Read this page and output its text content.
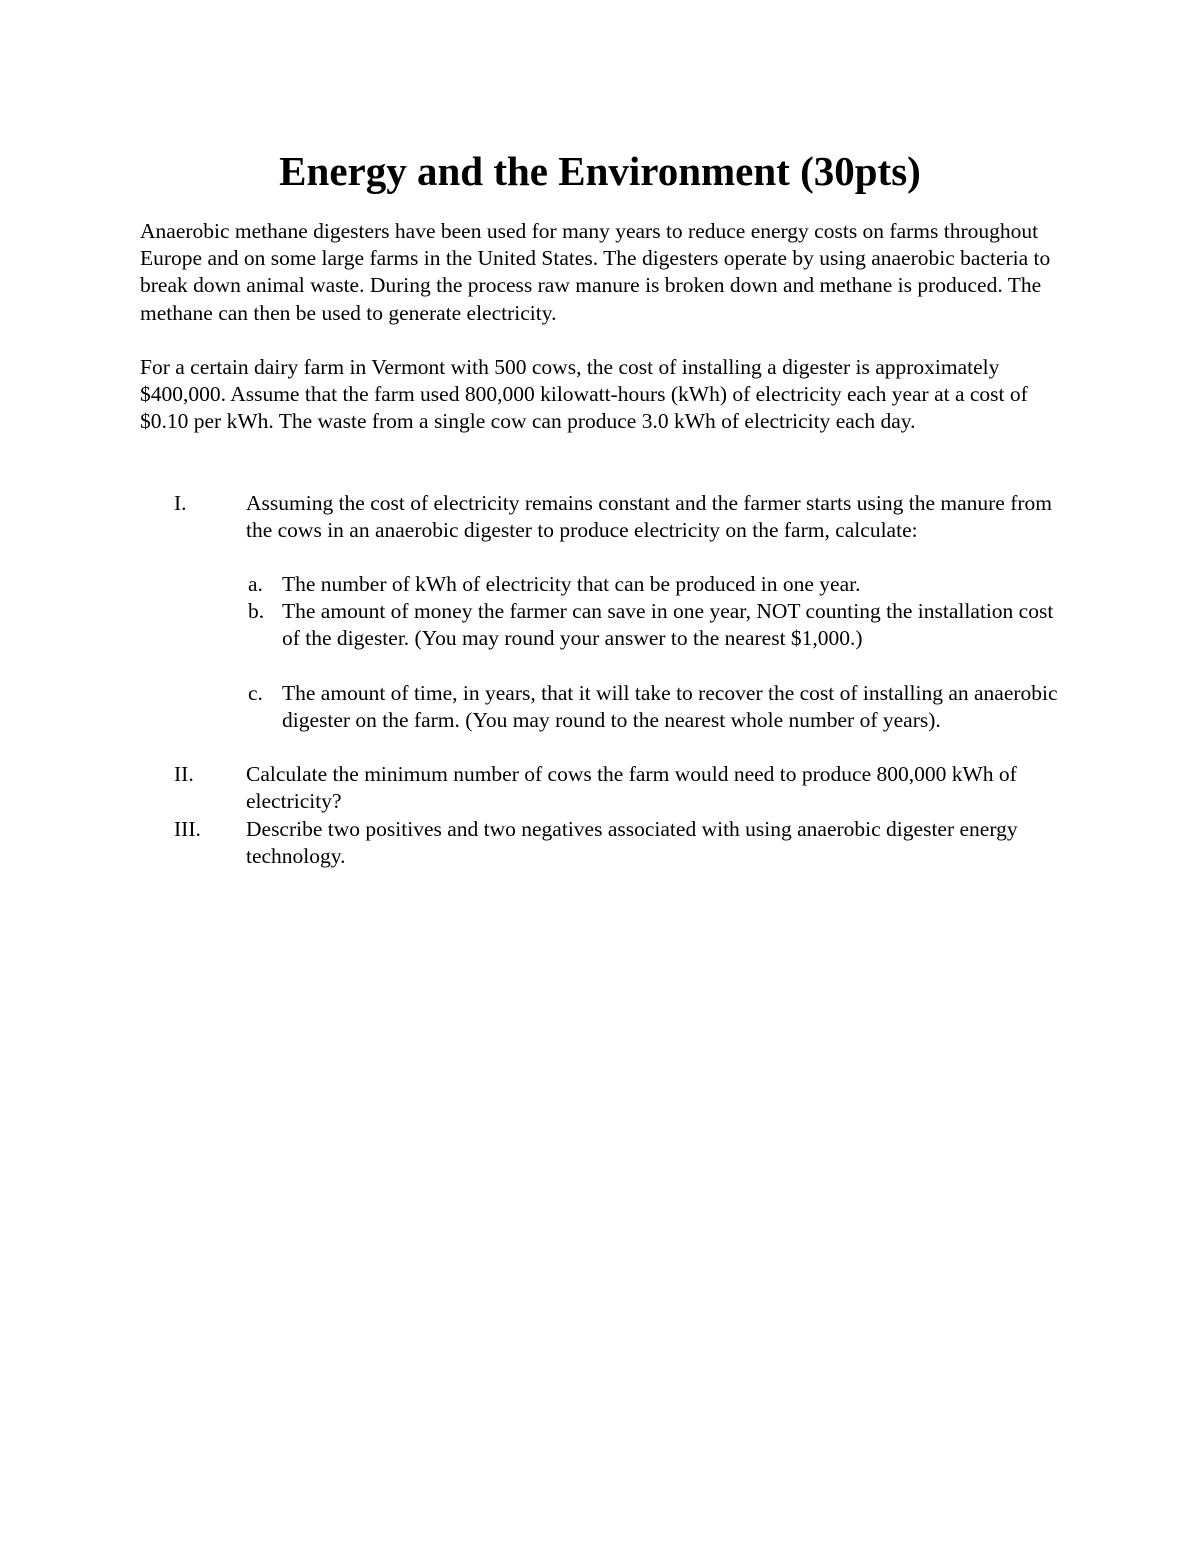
Energy and the Environment (30pts)

Anaerobic methane digesters have been used for many years to reduce energy costs on farms throughout Europe and on some large farms in the United States. The digesters operate by using anaerobic bacteria to break down animal waste. During the process raw manure is broken down and methane is produced. The methane can then be used to generate electricity.

For a certain dairy farm in Vermont with 500 cows, the cost of installing a digester is approximately $400,000. Assume that the farm used 800,000 kilowatt-hours (kWh) of electricity each year at a cost of $0.10 per kWh. The waste from a single cow can produce 3.0 kWh of electricity each day.

I.	Assuming the cost of electricity remains constant and the farmer starts using the manure from the cows in an anaerobic digester to produce electricity on the farm, calculate:

a. The number of kWh of electricity that can be produced in one year.

b. The amount of money the farmer can save in one year, NOT counting the installation cost of the digester. (You may round your answer to the nearest $1,000.)

c. The amount of time, in years, that it will take to recover the cost of installing an anaerobic digester on the farm. (You may round to the nearest whole number of years).

II. Calculate the minimum number of cows the farm would need to produce 800,000 kWh of electricity?

III. Describe two positives and two negatives associated with using anaerobic digester energy technology.
